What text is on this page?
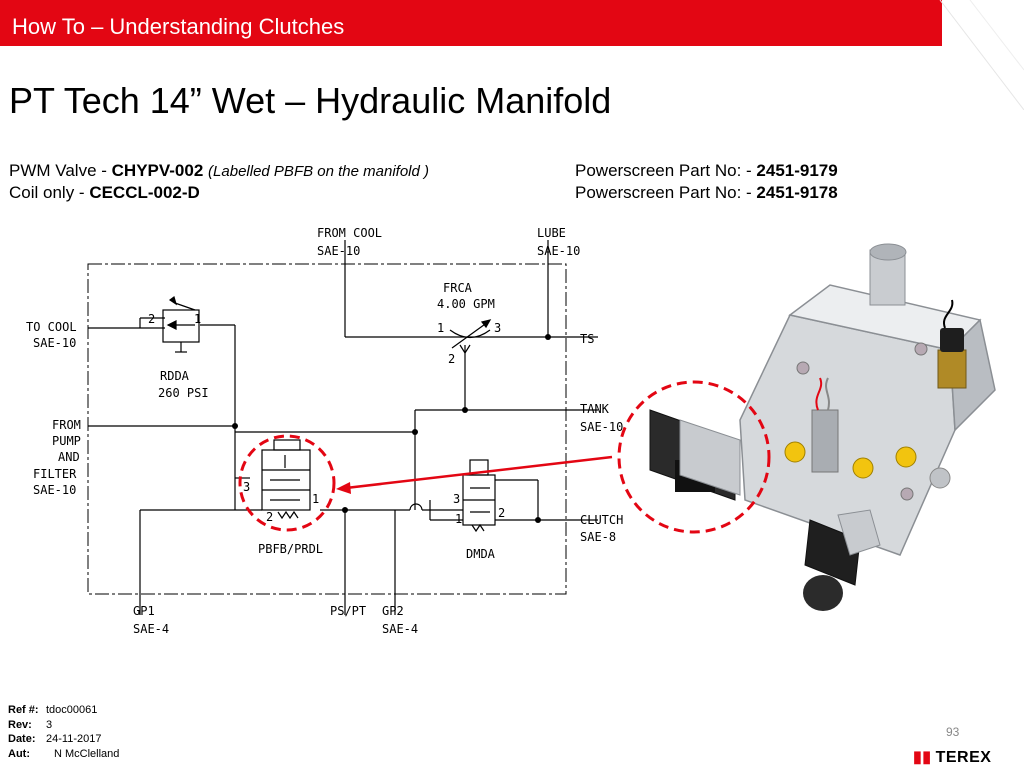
How To – Understanding Clutches
PT Tech 14” Wet – Hydraulic Manifold
PWM Valve - CHYPV-002 (Labelled PBFB on the manifold )
Coil only - CECCL-002-D
Powerscreen Part No: - 2451-9179
Powerscreen Part No: - 2451-9178
FROM COOL
SAE-10
LUBE
SAE-10
FRCA
4.00 GPM
1	3
2
TO COOL
SAE-10
2	1
TS
RDDA
260 PSI
FROM
PUMP
AND
FILTER
SAE-10
TANK
SAE-10
3
2
1	3
1	2	CLUTCH
SAE-8
PBFB/PRDL	DMDA
GP1
SAE-4
PS/PT GP2
SAE-4
Ref #: tdoc00061
Rev: 3
Date: 24-11-2017
Aut: N McClelland
93
▮▮ TEREX
